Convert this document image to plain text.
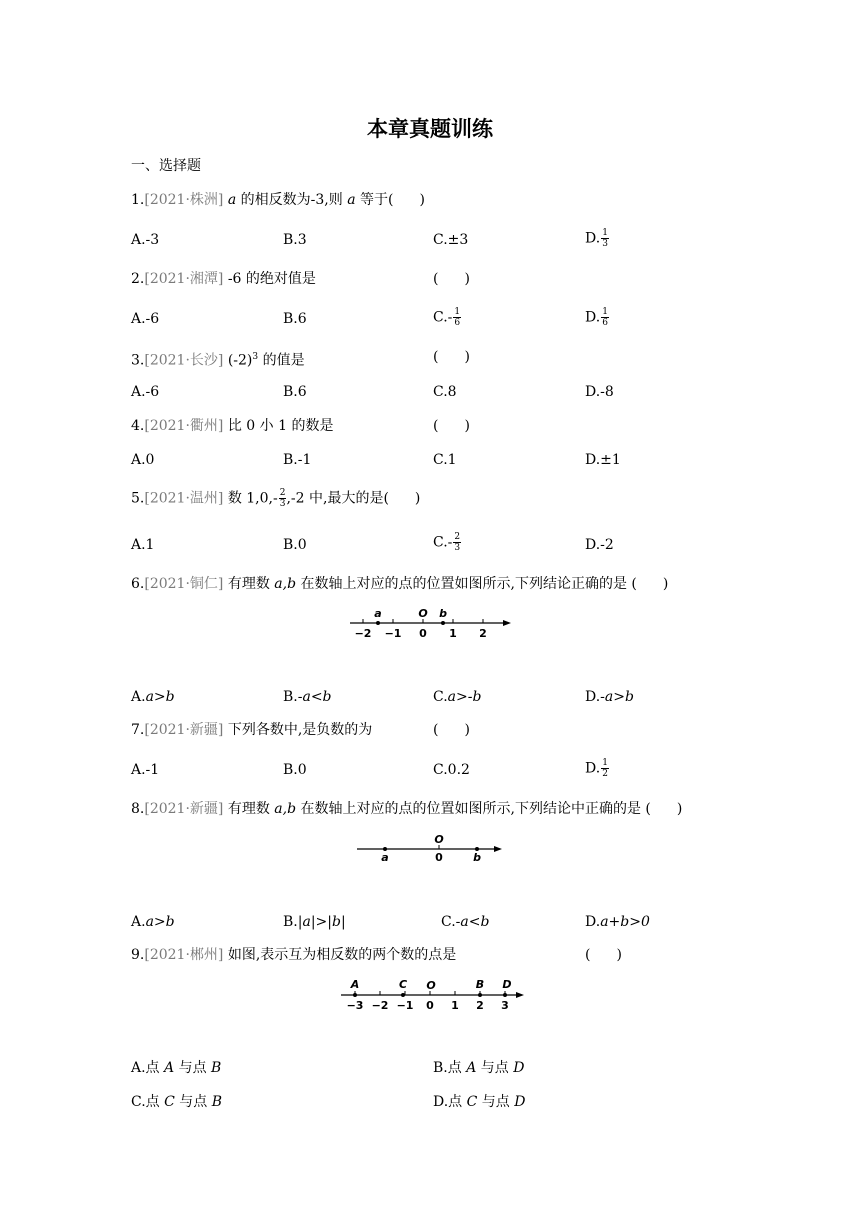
本章真题训练
一、选择题
1.[2021·株洲] a 的相反数为-3,则 a 等于( )
A.-3	B.3	C.±3	D. $\frac{1}{3}$
2.[2021·湘潭] -6 的绝对值是	( )
A.-6	B.6	$C.- \frac{1}{6}$	D. $\frac{1}{6}$
3.[2021·长沙] $(-2)^3$ 的值是	( )
A.-6	B.6	C.8	D.-8
4.[2021·衢州] 比 0 小 1 的数是	( )
A.0	B.-1	C.1	D.±1
5.[2021·温州] 数 $1,0,- \frac{2}{3} ,-2$ 中,最大的是( )
A.1	B.0	$C.- \frac{2}{3}$	D.-2
6.[2021·铜仁] 有理数 a,b 在数轴上对应的点的位置如图所示,下列结论正确的是 ( )
−2 −1 0 1 2
a	O b
A.a>b	B.-a<b	C.a>-b	D.-a>b
7.[2021·新疆] 下列各数中,是负数的为	( )
A.-1	B.0	C.0.2	D. $\frac{1}{2}$
8.[2021·新疆] 有理数 a,b 在数轴上对应的点的位置如图所示,下列结论中正确的是 ( )
O
0
a	b
A.a>b	B.|a|>|b|	C.-a<b	D.a+b>0
9.[2021·郴州] 如图,表示互为相反数的两个数的点是	( )
A	C O	B D
−3 −2 −1 0 1 2 3
A.点 A 与点 B	B.点 A 与点 D
C.点 C 与点 B	D.点 C 与点 D
